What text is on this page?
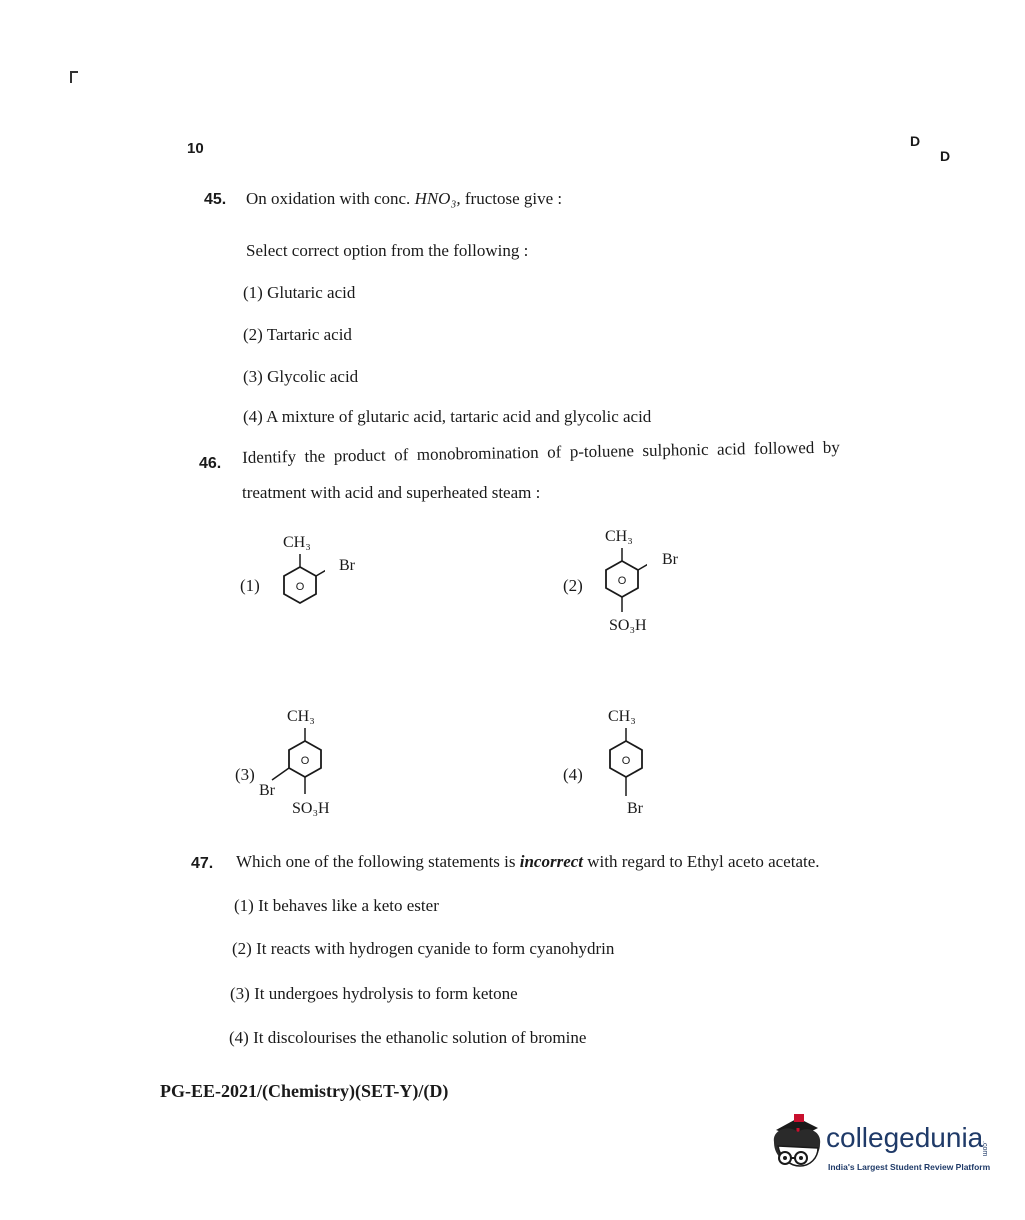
10	D
D
45. On oxidation with conc. HNO₃, fructose give :
Select correct option from the following :
(1) Glutaric acid
(2) Tartaric acid
(3) Glycolic acid
(4) A mixture of glutaric acid, tartaric acid and glycolic acid
46. Identify  the  product  of  monobromination  of  p-toluene  sulphonic  acid  followed  by
treatment with acid and superheated steam :
(1)
CH₃
Br
O	(2)
CH₃
Br
SO₃H
O
(3)
CH₃
Br
SO₃H
O
(4)
CH₃
Br
O
47. Which one of the following statements is incorrect with regard to Ethyl aceto acetate.
(1) It behaves like a keto ester
(2) It reacts with hydrogen cyanide to form cyanohydrin
(3) It undergoes hydrolysis to form ketone
(4) It discolourises the ethanolic solution of bromine
PG-EE-2021/(Chemistry)(SET-Y)/(D)
collegedunia
.com
India's Largest Student Review Platform
